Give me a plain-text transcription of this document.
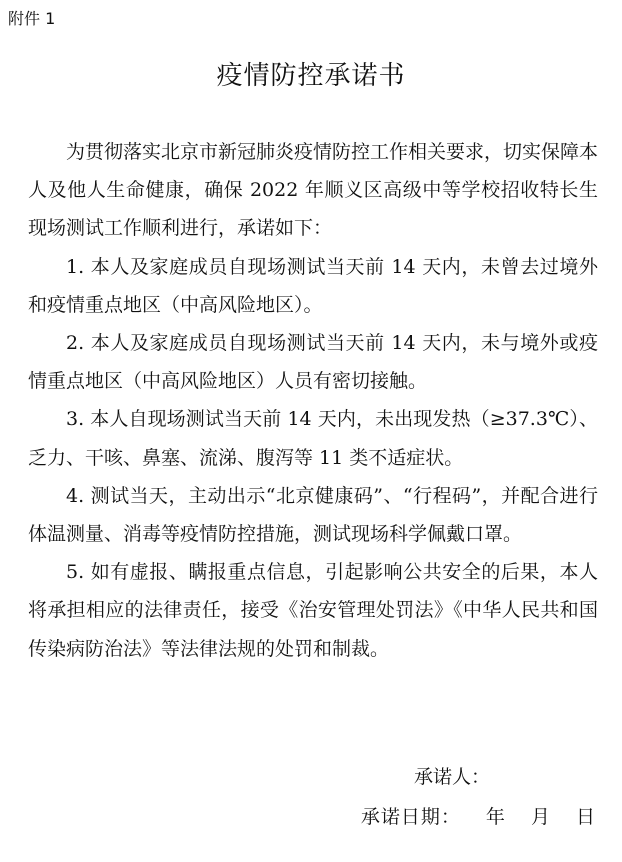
附件 1
疫情防控承诺书

为贯彻落实北京市新冠肺炎疫情防控工作相关要求，切实保障本人及他人生命健康，确保 2022 年顺义区高级中等学校招收特长生现场测试工作顺利进行，承诺如下：

1. 本人及家庭成员自现场测试当天前 14 天内，未曾去过境外和疫情重点地区（中高风险地区）。

2. 本人及家庭成员自现场测试当天前 14 天内，未与境外或疫情重点地区（中高风险地区）人员有密切接触。

3. 本人自现场测试当天前 14 天内，未出现发热（≥37.3℃）、乏力、干咳、鼻塞、流涕、腹泻等 11 类不适症状。

4. 测试当天，主动出示“北京健康码”、“行程码”，并配合进行体温测量、消毒等疫情防控措施，测试现场科学佩戴口罩。

5. 如有虚报、瞒报重点信息，引起影响公共安全的后果，本人将承担相应的法律责任，接受《治安管理处罚法》《中华人民共和国传染病防治法》等法律法规的处罚和制裁。

承诺人：
承诺日期： 年 月 日
